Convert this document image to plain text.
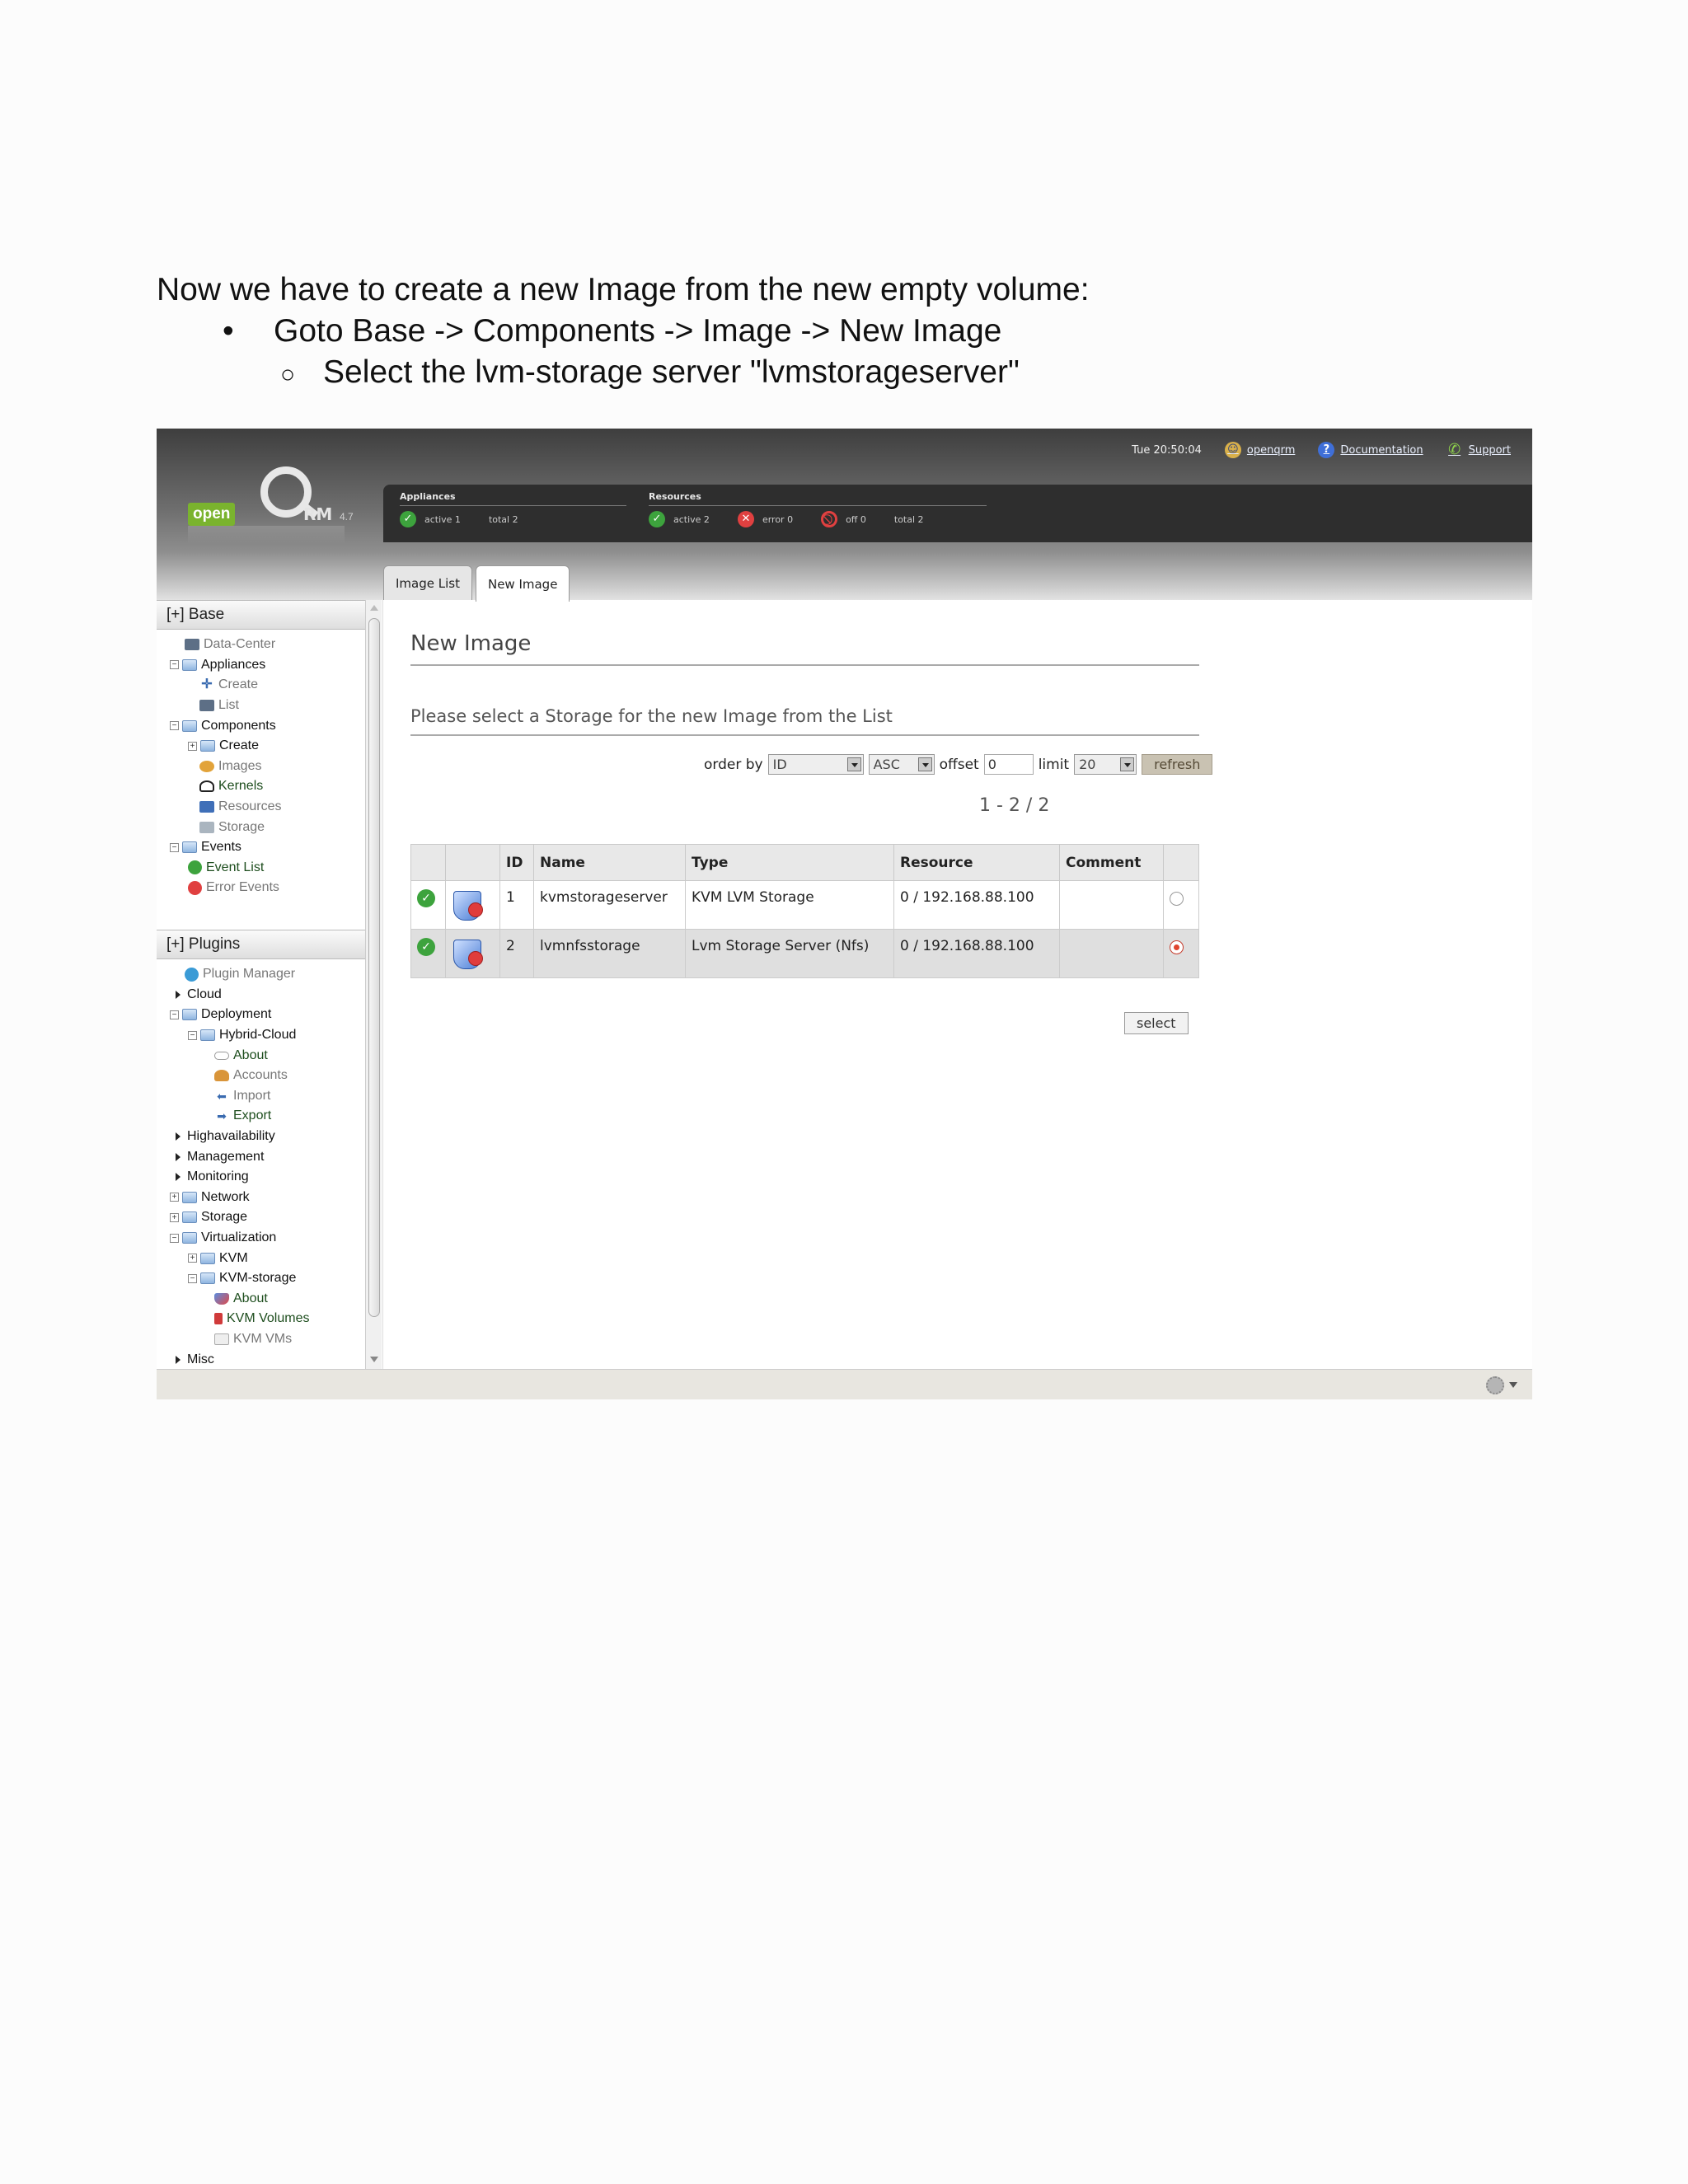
Now we have to create a new Image from the new empty volume:
• Goto Base -> Components -> Image -> New Image
○ Select the lvm-storage server "lvmstorageserver"
Tue 20:50:04 ☺ openqrm	?	Documentation ✆ Support
open	RM 4.7
Appliances
✓	active 1	total 2
Resources
✓	active 2	✕	error 0	off 0	total 2
Image List	New Image
[+] Base
Data-Center
− Appliances
✛ Create
List
− Components
+ Create
Images
Kernels
Resources
Storage
− Events
Event List
Error Events
[+] Plugins
Plugin Manager
Cloud
− Deployment
− Hybrid-Cloud
About
Accounts
⬅ Import
➡ Export
Highavailability
Management
Monitoring
+ Network
+ Storage
− Virtualization
+ KVM
− KVM-storage
About
KVM Volumes
KVM VMs
Misc
New Image
Please select a Storage for the new Image from the List
order by ID	ASC	offset
0	limit 20	refresh
1 - 2 / 2
		ID	Name	Type	Resource	Comment	
✓		1	kvmstorageserver	KVM LVM Storage	0 / 192.168.88.100		
✓		2	lvmnfsstorage	Lvm Storage Server (Nfs)	0 / 192.168.88.100		
select
